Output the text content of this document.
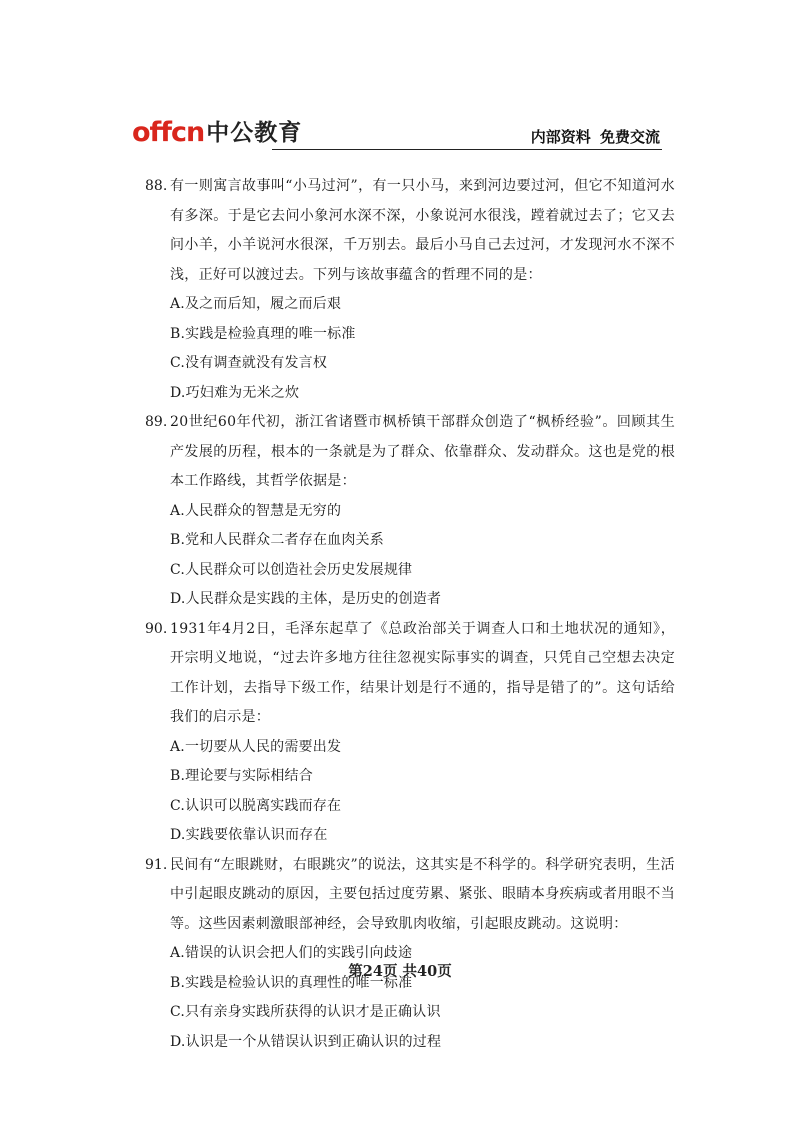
offcn 中公教育	内部资料 免费交流
88. 有一则寓言故事叫“小马过河”，有一只小马，来到河边要过河，但它不知道河水有多深。于是它去问小象河水深不深，小象说河水很浅，蹚着就过去了；它又去问小羊，小羊说河水很深，千万别去。最后小马自己去过河，才发现河水不深不浅，正好可以渡过去。下列与该故事蕴含的哲理不同的是：
A.及之而后知，履之而后艰
B.实践是检验真理的唯一标准
C.没有调查就没有发言权
D.巧妇难为无米之炊
89. 20世纪60年代初，浙江省诸暨市枫桥镇干部群众创造了“枫桥经验”。回顾其生产发展的历程，根本的一条就是为了群众、依靠群众、发动群众。这也是党的根本工作路线，其哲学依据是：
A.人民群众的智慧是无穷的
B.党和人民群众二者存在血肉关系
C.人民群众可以创造社会历史发展规律
D.人民群众是实践的主体，是历史的创造者
90. 1931年4月2日，毛泽东起草了《总政治部关于调查人口和土地状况的通知》，开宗明义地说，“过去许多地方往往忽视实际事实的调查，只凭自己空想去决定工作计划，去指导下级工作，结果计划是行不通的，指导是错了的”。这句话给我们的启示是：
A.一切要从人民的需要出发
B.理论要与实际相结合
C.认识可以脱离实践而存在
D.实践要依靠认识而存在
91. 民间有“左眼跳财，右眼跳灾”的说法，这其实是不科学的。科学研究表明，生活中引起眼皮跳动的原因，主要包括过度劳累、紧张、眼睛本身疾病或者用眼不当等。这些因素刺激眼部神经，会导致肌肉收缩，引起眼皮跳动。这说明：
A.错误的认识会把人们的实践引向歧途
B.实践是检验认识的真理性的唯一标准
C.只有亲身实践所获得的认识才是正确认识
D.认识是一个从错误认识到正确认识的过程
第24页 共40页
